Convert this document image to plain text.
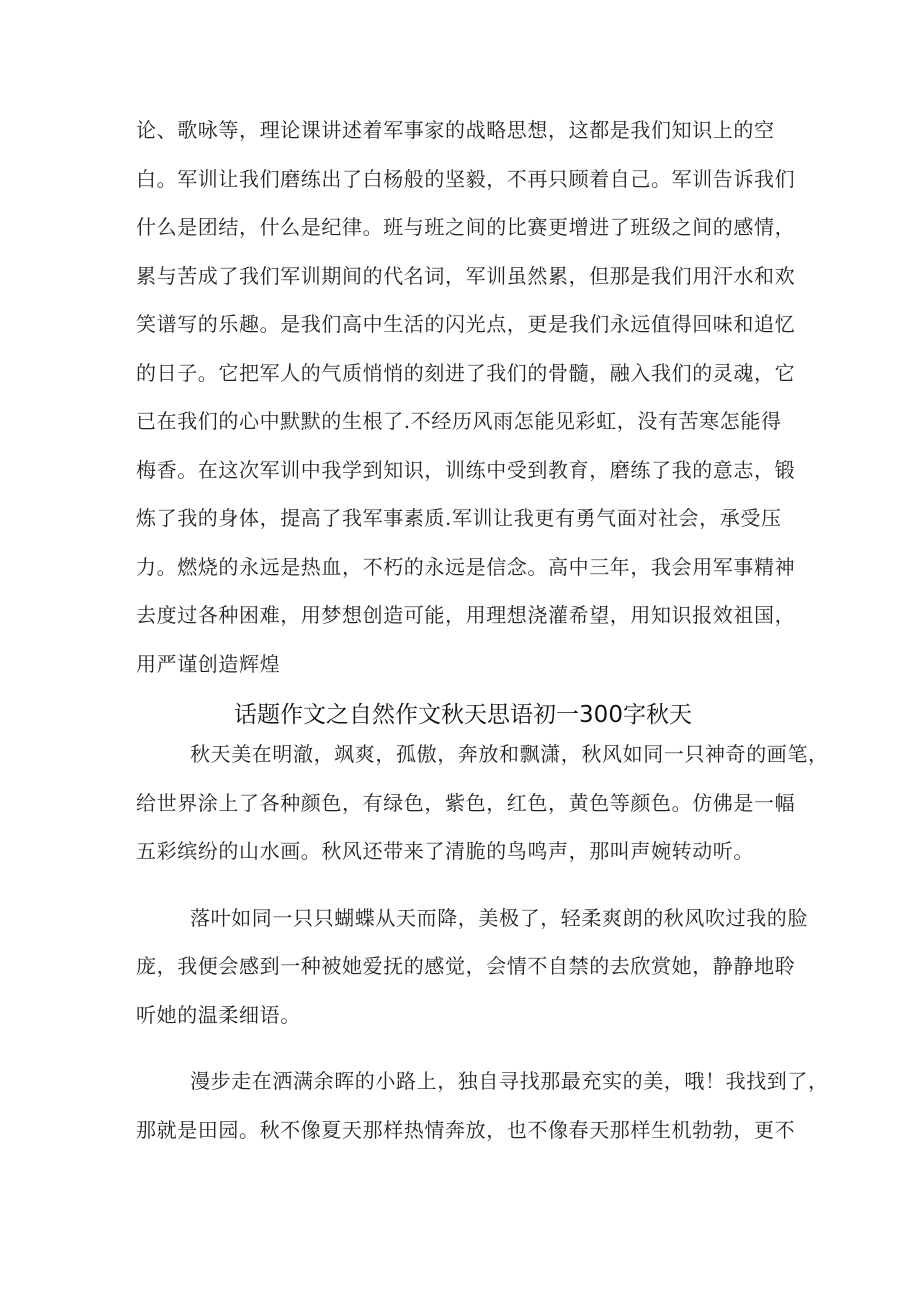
论、歌咏等，理论课讲述着军事家的战略思想，这都是我们知识上的空
白。军训让我们磨练出了白杨般的坚毅，不再只顾着自己。军训告诉我们
什么是团结，什么是纪律。班与班之间的比赛更增进了班级之间的感情，
累与苦成了我们军训期间的代名词，军训虽然累，但那是我们用汗水和欢
笑谱写的乐趣。是我们高中生活的闪光点，更是我们永远值得回味和追忆
的日子。它把军人的气质悄悄的刻进了我们的骨髓，融入我们的灵魂，它
已在我们的心中默默的生根了.不经历风雨怎能见彩虹，没有苦寒怎能得
梅香。在这次军训中我学到知识，训练中受到教育，磨练了我的意志，锻
炼了我的身体，提高了我军事素质.军训让我更有勇气面对社会，承受压
力。燃烧的永远是热血，不朽的永远是信念。高中三年，我会用军事精神
去度过各种困难，用梦想创造可能，用理想浇灌希望，用知识报效祖国，
用严谨创造辉煌
话题作文之自然作文秋天思语初一300字秋天
秋天美在明澈，飒爽，孤傲，奔放和飘潇，秋风如同一只神奇的画笔，
给世界涂上了各种颜色，有绿色，紫色，红色，黄色等颜色。仿佛是一幅
五彩缤纷的山水画。秋风还带来了清脆的鸟鸣声，那叫声婉转动听。
落叶如同一只只蝴蝶从天而降，美极了，轻柔爽朗的秋风吹过我的脸
庞，我便会感到一种被她爱抚的感觉，会情不自禁的去欣赏她，静静地聆
听她的温柔细语。
漫步走在洒满余晖的小路上，独自寻找那最充实的美，哦！我找到了，
那就是田园。秋不像夏天那样热情奔放，也不像春天那样生机勃勃，更不
